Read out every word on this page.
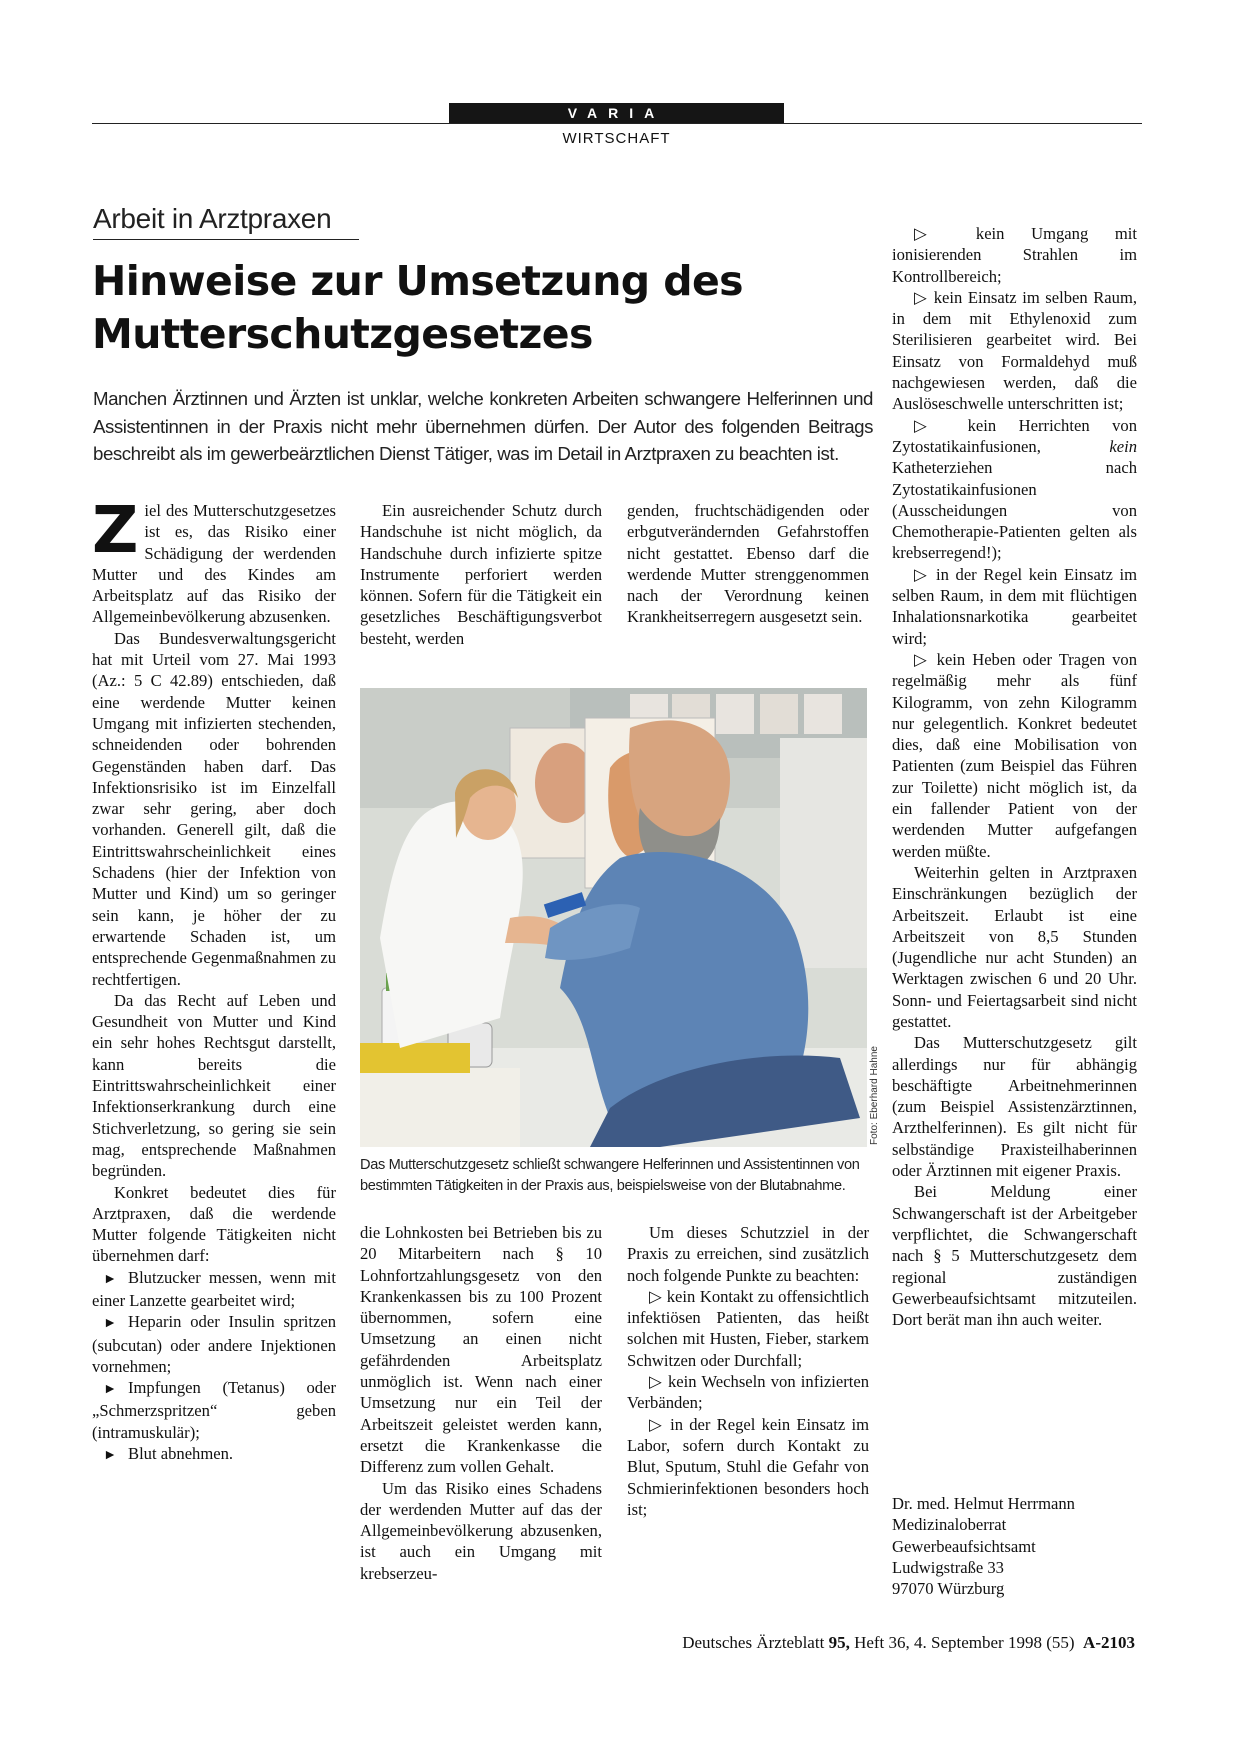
VARIA
WIRTSCHAFT
Arbeit in Arztpraxen
Hinweise zur Umsetzung des
Mutterschutzgesetzes

Manchen Ärztinnen und Ärzten ist unklar, welche konkreten Arbeiten schwangere Helferinnen und Assistentinnen in der Praxis nicht mehr übernehmen dürfen. Der Autor des folgenden Beitrags beschreibt als im gewerbeärztlichen Dienst Tätiger, was im Detail in Arztpraxen zu beachten ist.

Ziel des Mutterschutzgesetzes ist es, das Risiko einer Schädigung der werdenden Mutter und des Kindes am Arbeitsplatz auf das Risiko der Allgemeinbevölkerung abzusenken.

Das Bundesverwaltungsgericht hat mit Urteil vom 27. Mai 1993 (Az.: 5 C 42.89) entschieden, daß eine werdende Mutter keinen Umgang mit infizierten stechenden, schneidenden oder bohrenden Gegenständen haben darf. Das Infektionsrisiko ist im Einzelfall zwar sehr gering, aber doch vorhanden. Generell gilt, daß die Eintrittswahrscheinlichkeit eines Schadens (hier der Infektion von Mutter und Kind) um so geringer sein kann, je höher der zu erwartende Schaden ist, um entsprechende Gegenmaßnahmen zu rechtfertigen.

Da das Recht auf Leben und Gesundheit von Mutter und Kind ein sehr hohes Rechtsgut darstellt, kann bereits die Eintrittswahrscheinlichkeit einer Infektionserkrankung durch eine Stichverletzung, so gering sie sein mag, entsprechende Maßnahmen begründen.

Konkret bedeutet dies für Arztpraxen, daß die werdende Mutter folgende Tätigkeiten nicht übernehmen darf:

► Blutzucker messen, wenn mit einer Lanzette gearbeitet wird;

► Heparin oder Insulin spritzen (subcutan) oder andere Injektionen vornehmen;

► Impfungen (Tetanus) oder „Schmerzspritzen“ geben (intramuskulär);

► Blut abnehmen.

Ein ausreichender Schutz durch Handschuhe ist nicht möglich, da Handschuhe durch infizierte spitze Instrumente perforiert werden können. Sofern für die Tätigkeit ein gesetzliches Beschäftigungsverbot besteht, werden

genden, fruchtschädigenden oder erbgutverändernden Gefahrstoffen nicht gestattet. Ebenso darf die werdende Mutter strenggenommen nach der Verordnung keinen Krankheitserregern ausgesetzt sein.

Foto: Eberhard Hahne

Das Mutterschutzgesetz schließt schwangere Helferinnen und Assistentinnen von bestimmten Tätigkeiten in der Praxis aus, beispielsweise von der Blutabnahme.

die Lohnkosten bei Betrieben bis zu 20 Mitarbeitern nach § 10 Lohnfortzahlungsgesetz von den Krankenkassen bis zu 100 Prozent übernommen, sofern eine Umsetzung an einen nicht gefährdenden Arbeitsplatz unmöglich ist. Wenn nach einer Umsetzung nur ein Teil der Arbeitszeit geleistet werden kann, ersetzt die Krankenkasse die Differenz zum vollen Gehalt.

Um das Risiko eines Schadens der werdenden Mutter auf das der Allgemeinbevölkerung abzusenken, ist auch ein Umgang mit krebserzeu-

Um dieses Schutzziel in der Praxis zu erreichen, sind zusätzlich noch folgende Punkte zu beachten:

▷ kein Kontakt zu offensichtlich infektiösen Patienten, das heißt solchen mit Husten, Fieber, starkem Schwitzen oder Durchfall;

▷ kein Wechseln von infizierten Verbänden;

▷ in der Regel kein Einsatz im Labor, sofern durch Kontakt zu Blut, Sputum, Stuhl die Gefahr von Schmierinfektionen besonders hoch ist;

▷ kein Umgang mit ionisierenden Strahlen im Kontrollbereich;

▷ kein Einsatz im selben Raum, in dem mit Ethylenoxid zum Sterilisieren gearbeitet wird. Bei Einsatz von Formaldehyd muß nachgewiesen werden, daß die Auslöseschwelle unterschritten ist;

▷ kein Herrichten von Zytostatikainfusionen,	kein Katheterziehen nach Zytostatikainfusionen (Ausscheidungen von Chemotherapie-Patienten gelten als krebserregend!);

▷ in der Regel kein Einsatz im selben Raum, in dem mit flüchtigen Inhalationsnarkotika gearbeitet wird;

▷ kein Heben oder Tragen von regelmäßig mehr als fünf Kilogramm, von zehn Kilogramm nur gelegentlich. Konkret bedeutet dies, daß eine Mobilisation von Patienten (zum Beispiel das Führen zur Toilette) nicht möglich ist, da ein fallender Patient von der werdenden Mutter aufgefangen werden müßte.

Weiterhin gelten in Arztpraxen Einschränkungen bezüglich der Arbeitszeit. Erlaubt ist eine Arbeitszeit von 8,5 Stunden (Jugendliche nur acht Stunden) an Werktagen zwischen 6 und 20 Uhr. Sonn- und Feiertagsarbeit sind nicht gestattet.

Das Mutterschutzgesetz gilt allerdings nur für abhängig beschäftigte Arbeitnehmerinnen (zum Beispiel Assistenzärztinnen, Arzthelferinnen). Es gilt nicht für selbständige Praxisteilhaberinnen oder Ärztinnen mit eigener Praxis.

Bei Meldung einer Schwangerschaft ist der Arbeitgeber verpflichtet, die Schwangerschaft nach § 5 Mutterschutzgesetz dem regional zuständigen Gewerbeaufsichtsamt mitzuteilen. Dort berät man ihn auch weiter.

Dr. med. Helmut Herrmann
Medizinaloberrat
Gewerbeaufsichtsamt
Ludwigstraße 33
97070 Würzburg
Deutsches Ärzteblatt 95, Heft 36, 4. September 1998 (55) A-2103
